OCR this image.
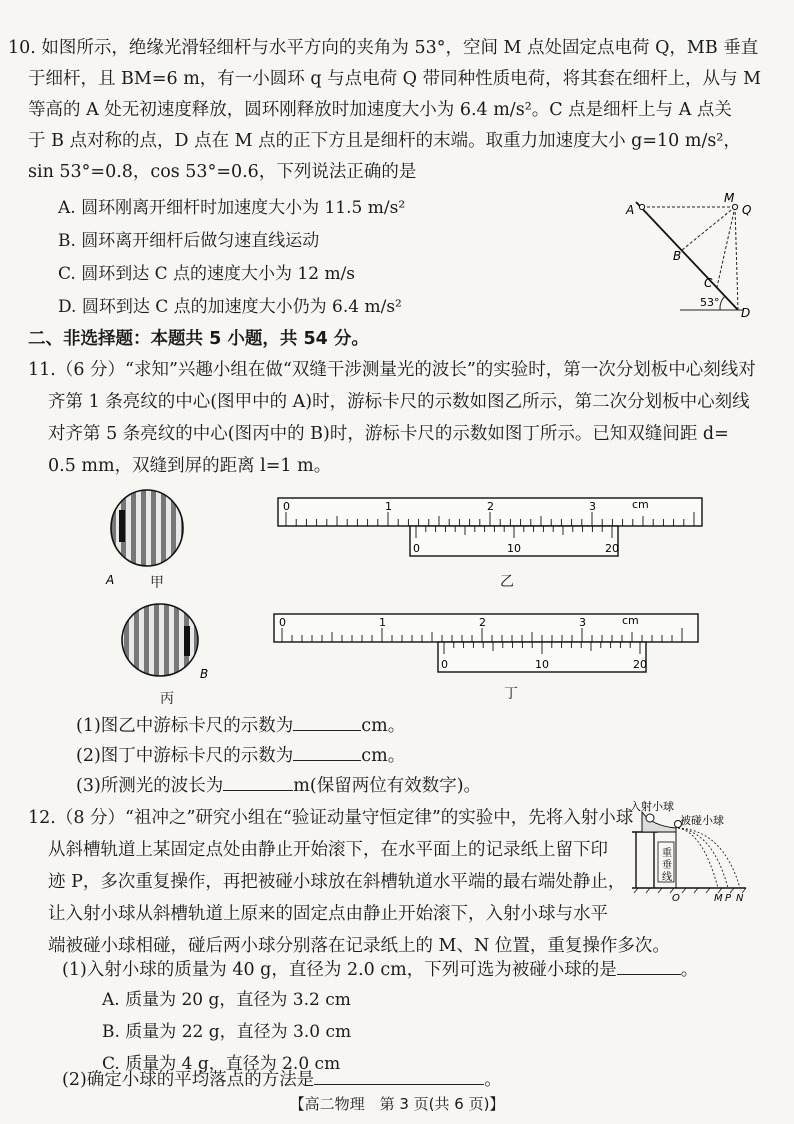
10. 如图所示，绝缘光滑轻细杆与水平方向的夹角为 53°，空间 M 点处固定点电荷 Q，MB 垂直
于细杆，且 BM=6 m，有一小圆环 q 与点电荷 Q 带同种性质电荷，将其套在细杆上，从与 M
等高的 A 处无初速度释放，圆环刚释放时加速度大小为 6.4 m/s²。C 点是细杆上与 A 点关
于 B 点对称的点，D 点在 M 点的正下方且是细杆的末端。取重力加速度大小 g=10 m/s²，
sin 53°=0.8，cos 53°=0.6，下列说法正确的是
A. 圆环刚离开细杆时加速度大小为 11.5 m/s²
B. 圆环离开细杆后做匀速直线运动
C. 圆环到达 C 点的速度大小为 12 m/s
D. 圆环到达 C 点的加速度大小仍为 6.4 m/s²
A
M
Q
B
C
D
53°
二、非选择题：本题共 5 小题，共 54 分。
11.（6 分）“求知”兴趣小组在做“双缝干涉测量光的波长”的实验时，第一次分划板中心刻线对
齐第 1 条亮纹的中心(图甲中的 A)时，游标卡尺的示数如图乙所示，第二次分划板中心刻线
对齐第 5 条亮纹的中心(图丙中的 B)时，游标卡尺的示数如图丁所示。已知双缝间距 d=
0.5 mm，双缝到屏的距离 l=1 m。
A	甲
0	1	2	3	cm
0	10	20
乙
B
丙
0	1	2	3	cm
0	10	20
丁
(1)图乙中游标卡尺的示数为	cm。
(2)图丁中游标卡尺的示数为	cm。
(3)所测光的波长为	m(保留两位有效数字)。
12.（8 分）“祖冲之”研究小组在“验证动量守恒定律”的实验中，先将入射小球
从斜槽轨道上某固定点处由静止开始滚下，在水平面上的记录纸上留下印
迹 P，多次重复操作，再把被碰小球放在斜槽轨道水平端的最右端处静止，
让入射小球从斜槽轨道上原来的固定点由静止开始滚下，入射小球与水平
端被碰小球相碰，碰后两小球分别落在记录纸上的 M、N 位置，重复操作多次。
重
垂
线
入射小球
被碰小球
O	M P N
(1)入射小球的质量为 40 g，直径为 2.0 cm，下列可选为被碰小球的是	。
A. 质量为 20 g，直径为 3.2 cm
B. 质量为 22 g，直径为 3.0 cm
C. 质量为 4 g，直径为 2.0 cm
(2)确定小球的平均落点的方法是	。
【高二物理　第 3 页(共 6 页)】
